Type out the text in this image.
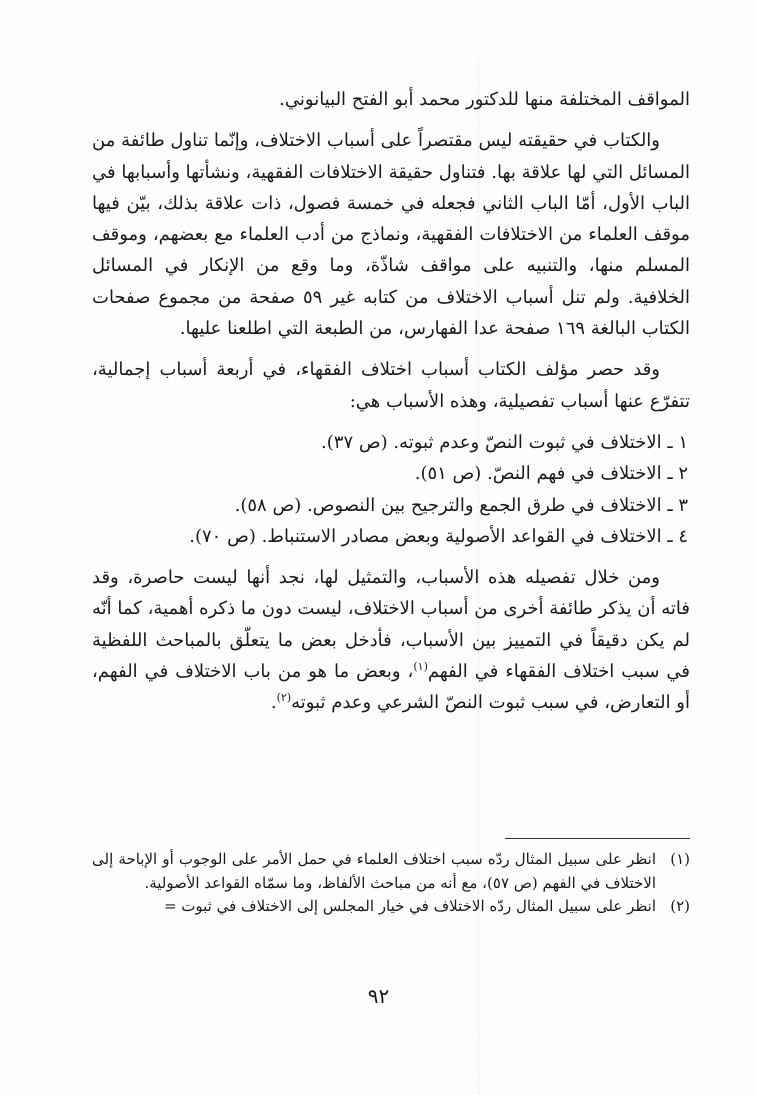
المواقف المختلفة منها للدكتور محمد أبو الفتح البيانوني.

والكتاب في حقيقته ليس مقتصراً على أسباب الاختلاف، وإنّما تناول طائفة من المسائل التي لها علاقة بها. فتناول حقيقة الاختلافات الفقهية، ونشأتها وأسبابها في الباب الأول، أمّا الباب الثاني فجعله في خمسة فصول، ذات علاقة بذلك، بيّن فيها موقف العلماء من الاختلافات الفقهية، ونماذج من أدب العلماء مع بعضهم، وموقف المسلم منها، والتنبيه على مواقف شاذّة، وما وقع من الإنكار في المسائل الخلافية. ولم تنل أسباب الاختلاف من كتابه غير ٥٩ صفحة من مجموع صفحات الكتاب البالغة ١٦٩ صفحة عدا الفهارس، من الطبعة التي اطلعنا عليها.

وقد حصر مؤلف الكتاب أسباب اختلاف الفقهاء، في أربعة أسباب إجمالية، تتفرّع عنها أسباب تفصيلية، وهذه الأسباب هي:

١ ـ الاختلاف في ثبوت النصّ وعدم ثبوته. (ص ٣٧).

٢ ـ الاختلاف في فهم النصّ. (ص ٥١).

٣ ـ الاختلاف في طرق الجمع والترجيح بين النصوص. (ص ٥٨).

٤ ـ الاختلاف في القواعد الأصولية وبعض مصادر الاستنباط. (ص ٧٠).

ومن خلال تفصيله هذه الأسباب، والتمثيل لها، نجد أنها ليست حاصرة، وقد فاته أن يذكر طائفة أخرى من أسباب الاختلاف، ليست دون ما ذكره أهمية، كما أنّه لم يكن دقيقاً في التمييز بين الأسباب، فأدخل بعض ما يتعلّق بالمباحث اللفظية في سبب اختلاف الفقهاء في الفهم$^{(١)}$، وبعض ما هو من باب الاختلاف في الفهم، أو التعارض، في سبب ثبوت النصّ الشرعي وعدم ثبوته$^{(٢)}$.

(١)انظر على سبيل المثال ردّه سبب اختلاف العلماء في حمل الأمر على الوجوب أو الإباحة إلى الاختلاف في الفهم (ص ٥٧)، مع أنه من مباحث الألفاظ، وما سمّاه القواعد الأصولية.

(٢)انظر على سبيل المثال ردّه الاختلاف في خيار المجلس إلى الاختلاف في ثبوت =

٩٢
